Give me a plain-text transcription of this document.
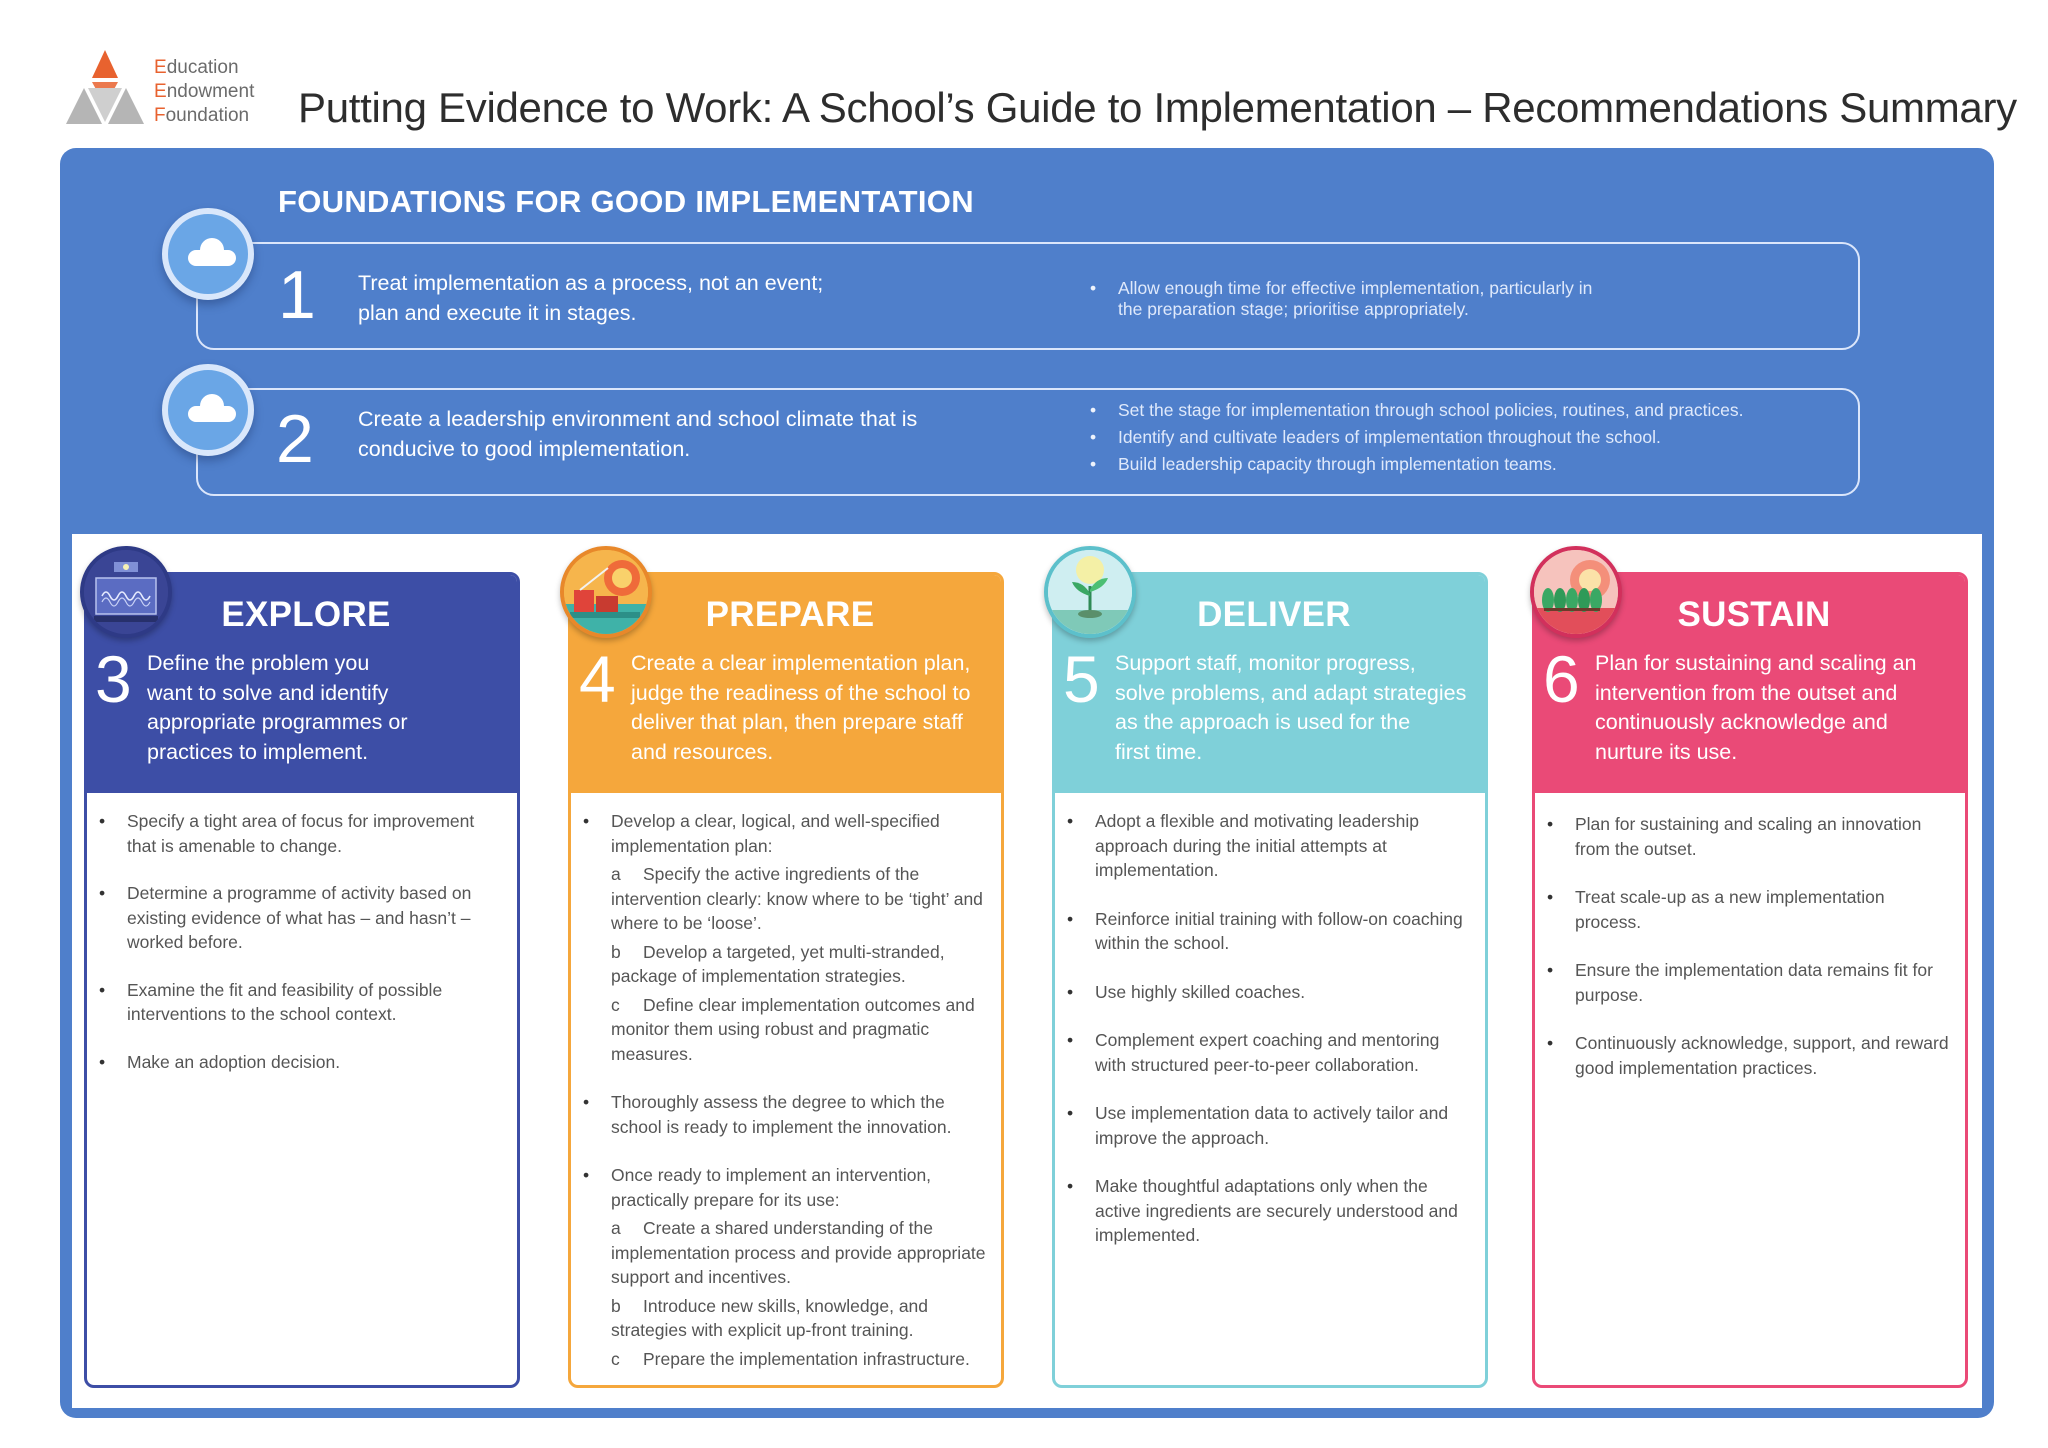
Education
Endowment
Foundation Putting Evidence to Work: A School’s Guide to Implementation – Recommendations Summary
FOUNDATIONS FOR GOOD IMPLEMENTATION
1 Treat implementation as a process, not an event;
plan and execute it in stages.
• Allow enough time for effective implementation, particularly in the preparation stage; prioritise appropriately.
2 Create a leadership environment and school climate that is
conducive to good implementation.
• Set the stage for implementation through school policies, routines, and practices.
• Identify and cultivate leaders of implementation throughout the school.
• Build leadership capacity through implementation teams.
EXPLORE
3 Define the problem you
want to solve and identify
appropriate programmes or
practices to implement.
• Specify a tight area of focus for improvement that is amenable to change.
• Determine a programme of activity based on existing evidence of what has – and hasn’t – worked before.
• Examine the fit and feasibility of possible interventions to the school context.
• Make an adoption decision.
PREPARE
4 Create a clear implementation plan,
judge the readiness of the school to
deliver that plan, then prepare staff
and resources.
• Develop a clear, logical, and well-specified implementation plan:
a Specify the active ingredients of the intervention clearly: know where to be ‘tight’ and where to be ‘loose’.
b Develop a targeted, yet multi-stranded, package of implementation strategies.
c Define clear implementation outcomes and monitor them using robust and pragmatic measures.
• Thoroughly assess the degree to which the school is ready to implement the innovation.
• Once ready to implement an intervention, practically prepare for its use:
a Create a shared understanding of the implementation process and provide appropriate support and incentives.
b Introduce new skills, knowledge, and strategies with explicit up-front training.
c Prepare the implementation infrastructure.
DELIVER
5 Support staff, monitor progress,
solve problems, and adapt strategies
as the approach is used for the
first time.
• Adopt a flexible and motivating leadership approach during the initial attempts at implementation.
• Reinforce initial training with follow-on coaching within the school.
• Use highly skilled coaches.
• Complement expert coaching and mentoring with structured peer-to-peer collaboration.
• Use implementation data to actively tailor and improve the approach.
• Make thoughtful adaptations only when the active ingredients are securely understood and implemented.
SUSTAIN
6 Plan for sustaining and scaling an
intervention from the outset and
continuously acknowledge and
nurture its use.
• Plan for sustaining and scaling an innovation from the outset.
• Treat scale-up as a new implementation process.
• Ensure the implementation data remains fit for purpose.
• Continuously acknowledge, support, and reward good implementation practices.
